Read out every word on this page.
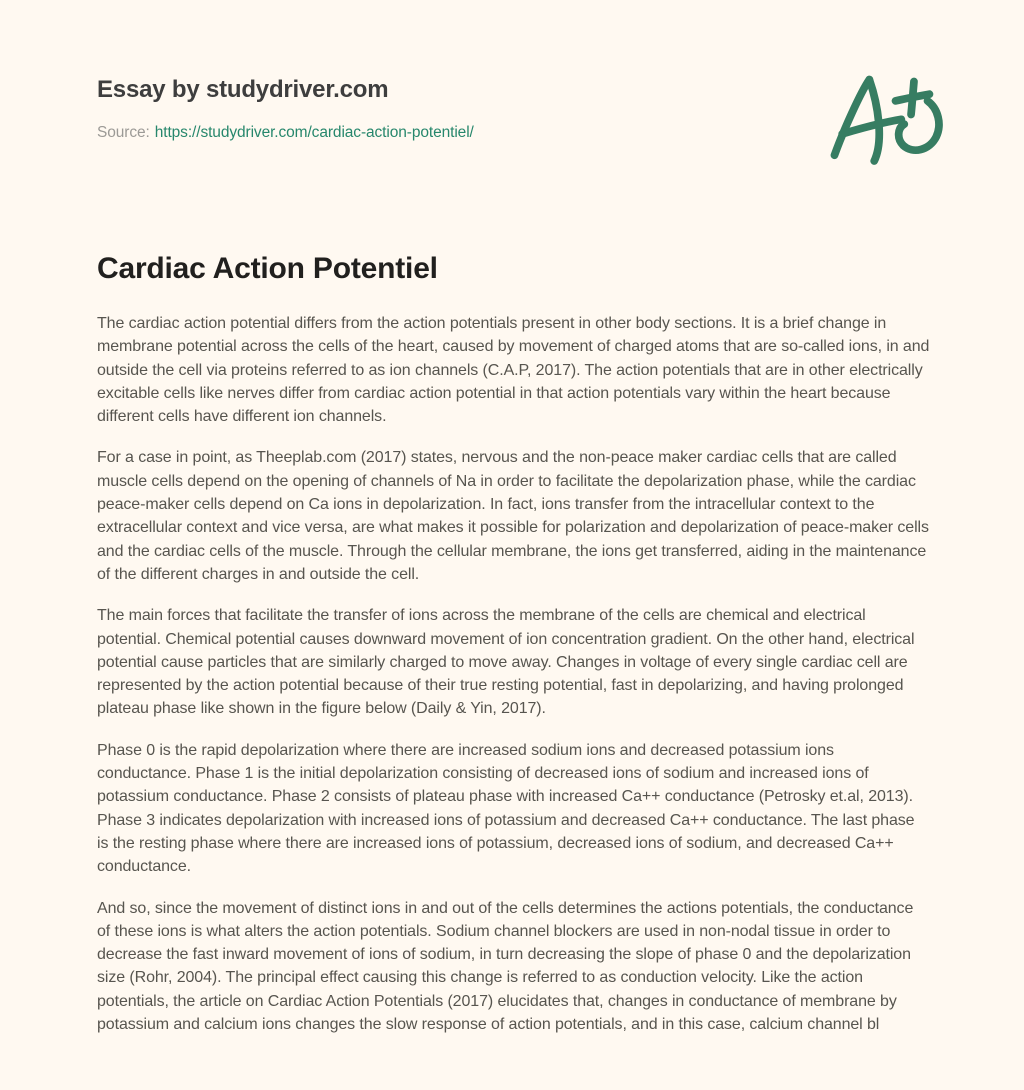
Essay by studydriver.com
Source: https://studydriver.com/cardiac-action-potentiel/
Cardiac Action Potentiel

The cardiac action potential differs from the action potentials present in other body sections. It is a brief change in membrane potential across the cells of the heart, caused by movement of charged atoms that are so-called ions, in and outside the cell via proteins referred to as ion channels (C.A.P, 2017). The action potentials that are in other electrically excitable cells like nerves differ from cardiac action potential in that action potentials vary within the heart because different cells have different ion channels.

For a case in point, as Theeplab.com (2017) states, nervous and the non-peace maker cardiac cells that are called muscle cells depend on the opening of channels of Na in order to facilitate the depolarization phase, while the cardiac peace-maker cells depend on Ca ions in depolarization. In fact, ions transfer from the intracellular context to the extracellular context and vice versa, are what makes it possible for polarization and depolarization of peace-maker cells and the cardiac cells of the muscle. Through the cellular membrane, the ions get transferred, aiding in the maintenance of the different charges in and outside the cell.

The main forces that facilitate the transfer of ions across the membrane of the cells are chemical and electrical potential. Chemical potential causes downward movement of ion concentration gradient. On the other hand, electrical potential cause particles that are similarly charged to move away. Changes in voltage of every single cardiac cell are represented by the action potential because of their true resting potential, fast in depolarizing, and having prolonged plateau phase like shown in the figure below (Daily & Yin, 2017).

Phase 0 is the rapid depolarization where there are increased sodium ions and decreased potassium ions conductance. Phase 1 is the initial depolarization consisting of decreased ions of sodium and increased ions of potassium conductance. Phase 2 consists of plateau phase with increased Ca++ conductance (Petrosky et.al, 2013). Phase 3 indicates depolarization with increased ions of potassium and decreased Ca++ conductance. The last phase is the resting phase where there are increased ions of potassium, decreased ions of sodium, and decreased Ca++ conductance.

And so, since the movement of distinct ions in and out of the cells determines the actions potentials, the conductance of these ions is what alters the action potentials. Sodium channel blockers are used in non-nodal tissue in order to decrease the fast inward movement of ions of sodium, in turn decreasing the slope of phase 0 and the depolarization size (Rohr, 2004). The principal effect causing this change is referred to as conduction velocity. Like the action potentials, the article on Cardiac Action Potentials (2017) elucidates that, changes in conductance of membrane by potassium and calcium ions changes the slow response of action potentials, and in this case, calcium channel bl
